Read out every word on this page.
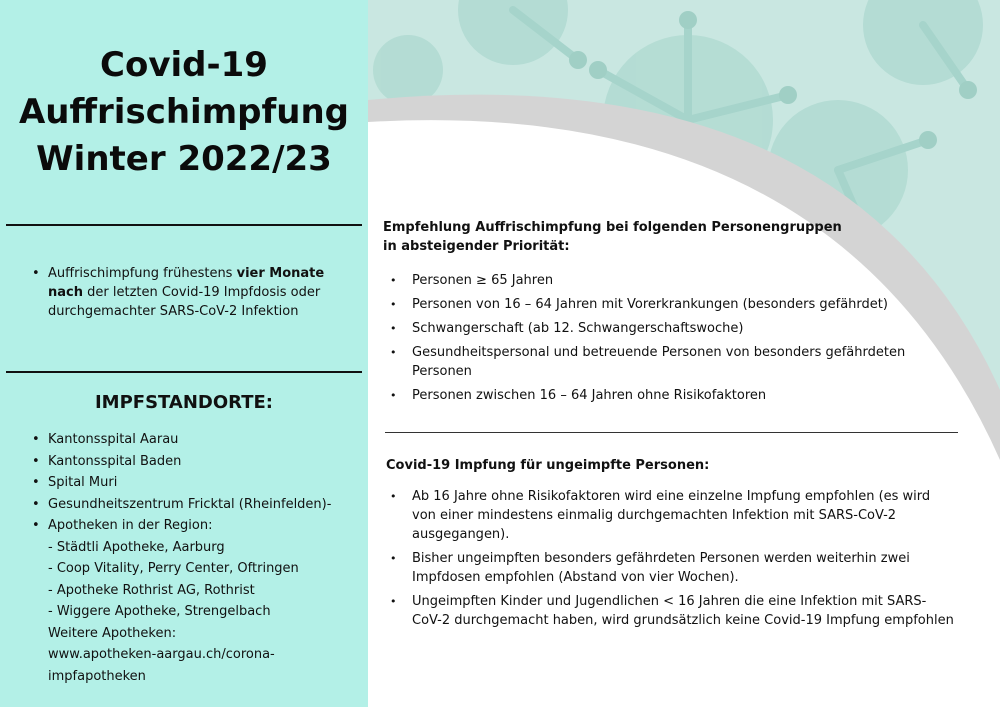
Covid-19
Auffrischimpfung
Winter 2022/23
• Auffrischimpfung frühestens vier Monate nach der letzten Covid-19 Impfdosis oder durchgemachter SARS-CoV-2 Infektion
IMPFSTANDORTE:
• Kantonsspital Aarau
• Kantonsspital Baden
• Spital Muri
• Gesundheitszentrum Fricktal (Rheinfelden)-
• Apotheken in der Region:
- Städtli Apotheke, Aarburg
- Coop Vitality, Perry Center, Oftringen
- Apotheke Rothrist AG, Rothrist
- Wiggere Apotheke, Strengelbach
Weitere Apotheken:
www.apotheken-aargau.ch/corona-
impfapotheken
Empfehlung Auffrischimpfung bei folgenden Personengruppen
in absteigender Priorität:
• Personen ≥ 65 Jahren
• Personen von 16 – 64 Jahren mit Vorerkrankungen (besonders gefährdet)
• Schwangerschaft (ab 12. Schwangerschaftswoche)
• Gesundheitspersonal und betreuende Personen von besonders gefährdeten Personen
• Personen zwischen 16 – 64 Jahren ohne Risikofaktoren
Covid-19 Impfung für ungeimpfte Personen:
• Ab 16 Jahre ohne Risikofaktoren wird eine einzelne Impfung empfohlen (es wird von einer mindestens einmalig durchgemachten Infektion mit SARS-CoV-2 ausgegangen).
• Bisher ungeimpften besonders gefährdeten Personen werden weiterhin zwei Impfdosen empfohlen (Abstand von vier Wochen).
• Ungeimpften Kinder und Jugendlichen < 16 Jahren die eine Infektion mit SARS-CoV-2 durchgemacht haben, wird grundsätzlich keine Covid-19 Impfung empfohlen
